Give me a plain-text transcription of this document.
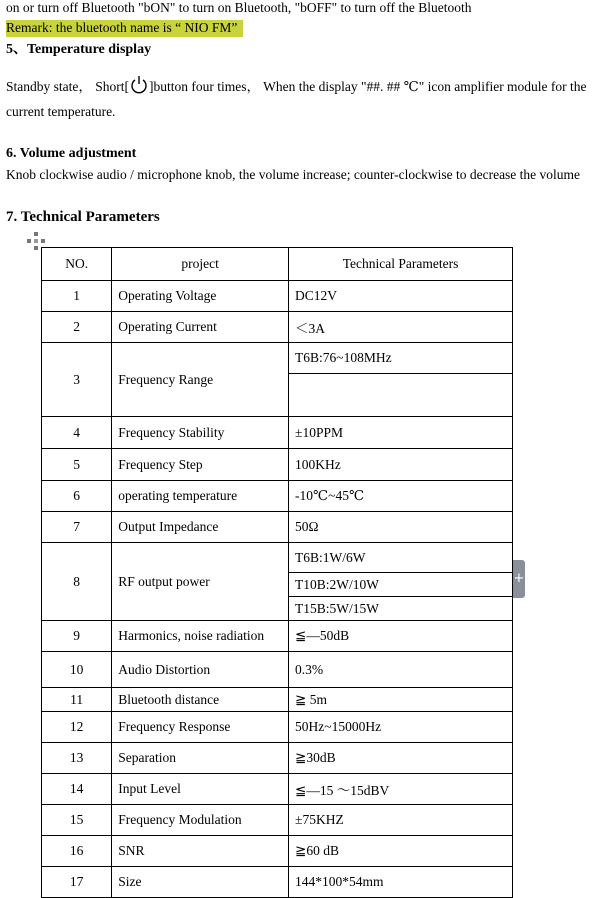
on or turn off Bluetooth "bON" to turn on Bluetooth, "bOFF" to turn off the Bluetooth
Remark: the bluetooth name is “ NIO FM”
5、Temperature display
Standby state， Short[ ]button four times， When the display "##. ## ℃" icon amplifier module for the
current temperature.
6. Volume adjustment
Knob clockwise audio / microphone knob, the volume increase; counter-clockwise to decrease the volume
7. Technical Parameters
NO.	project	Technical Parameters
1	Operating Voltage	DC12V
2	Operating Current	＜3A
3	Frequency Range	T6B:76~108MHz

4	Frequency Stability	±10PPM
5	Frequency Step	100KHz
6	operating temperature	-10℃~45℃
7	Output Impedance	50Ω
8	RF output power	T6B:1W/6W
T10B:2W/10W
T15B:5W/15W

9	Harmonics, noise radiation	≦—50dB
10	Audio Distortion	0.3%
11	Bluetooth distance	≧ 5m
12	Frequency Response	50Hz~15000Hz
13	Separation	≧30dB
14	Input Level	≦—15 ～15dBV
15	Frequency Modulation	±75KHZ
16	SNR	≧60 dB
17	Size	144*100*54mm
+
